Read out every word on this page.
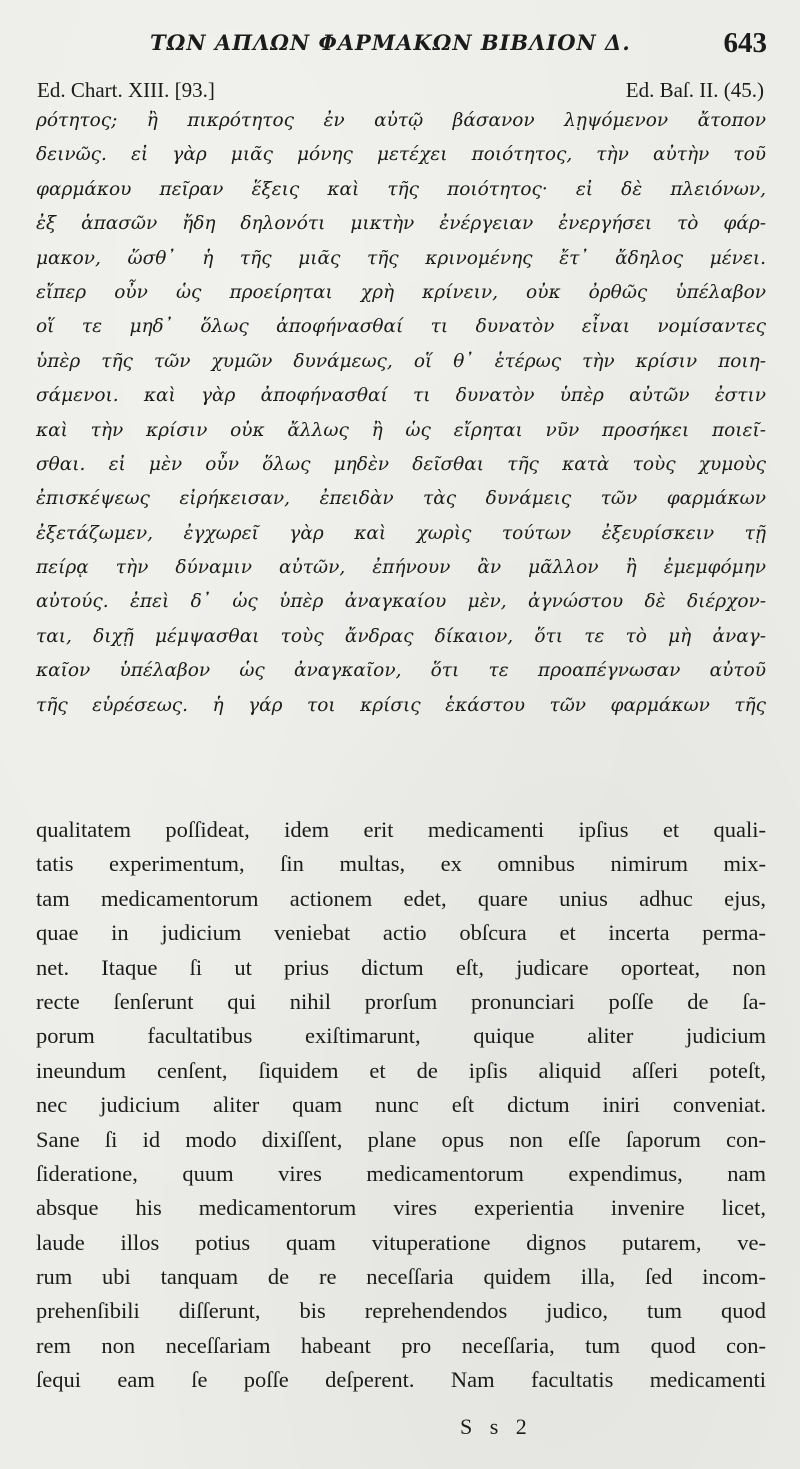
ΤΩΝ ΑΠΛΩΝ ΦΑΡΜΑΚΩΝ ΒΙΒΛΙΟΝ Δ.	643
Ed. Chart. XIII. [93.]	Ed. Baſ. II. (45.)
ρότητος; ἢ πικρότητος ἐν αὐτῷ βάσανον λῃψόμενον ἄτοπον
δεινῶς. εἰ γὰρ μιᾶς μόνης μετέχει ποιότητος, τὴν αὐτὴν τοῦ
φαρμάκου πεῖραν ἕξεις καὶ τῆς ποιότητος· εἰ δὲ πλειόνων,
ἐξ ἁπασῶν ἤδη δηλονότι μικτὴν ἐνέργειαν ἐνεργήσει τὸ φάρ-
μακον, ὥσθ᾽ ἡ τῆς μιᾶς τῆς κρινομένης ἔτ᾽ ἄδηλος μένει.
εἴπερ οὖν ὡς προείρηται χρὴ κρίνειν, οὐκ ὀρθῶς ὑπέλαβον
οἵ τε μηδ᾽ ὅλως ἀποφήνασθαί τι δυνατὸν εἶναι νομίσαντες
ὑπὲρ τῆς τῶν χυμῶν δυνάμεως, οἵ θ᾽ ἑτέρως τὴν κρίσιν ποιη-
σάμενοι. καὶ γὰρ ἀποφήνασθαί τι δυνατὸν ὑπὲρ αὐτῶν ἐστιν
καὶ τὴν κρίσιν οὐκ ἄλλως ἢ ὡς εἴρηται νῦν προσήκει ποιεῖ-
σθαι. εἰ μὲν οὖν ὅλως μηδὲν δεῖσθαι τῆς κατὰ τοὺς χυμοὺς
ἐπισκέψεως εἰρήκεισαν, ἐπειδὰν τὰς δυνάμεις τῶν φαρμάκων
ἐξετάζωμεν, ἐγχωρεῖ γὰρ καὶ χωρὶς τούτων ἐξευρίσκειν τῇ
πείρᾳ τὴν δύναμιν αὐτῶν, ἐπήνουν ἂν μᾶλλον ἢ ἐμεμφόμην
αὐτούς. ἐπεὶ δ᾽ ὡς ὑπὲρ ἀναγκαίου μὲν, ἀγνώστου δὲ διέρχον-
ται, διχῇ μέμψασθαι τοὺς ἄνδρας δίκαιον, ὅτι τε τὸ μὴ ἀναγ-
καῖον ὑπέλαβον ὡς ἀναγκαῖον, ὅτι τε προαπέγνωσαν αὐτοῦ
τῆς εὑρέσεως. ἡ γάρ τοι κρίσις ἑκάστου τῶν φαρμάκων τῆς
qualitatem poſſideat, idem erit medicamenti ipſius et quali-
tatis experimentum, ſin multas, ex omnibus nimirum mix-
tam medicamentorum actionem edet, quare unius adhuc ejus,
quae in judicium veniebat actio obſcura et incerta perma-
net. Itaque ſi ut prius dictum eſt, judicare oporteat, non
recte ſenſerunt qui nihil prorſum pronunciari poſſe de ſa-
porum facultatibus exiſtimarunt, quique aliter judicium
ineundum cenſent, ſiquidem et de ipſis aliquid aſſeri poteſt,
nec judicium aliter quam nunc eſt dictum iniri conveniat.
Sane ſi id modo dixiſſent, plane opus non eſſe ſaporum con-
ſideratione, quum vires medicamentorum expendimus, nam
absque his medicamentorum vires experientia invenire licet,
laude illos potius quam vituperatione dignos putarem, ve-
rum ubi tanquam de re neceſſaria quidem illa, ſed incom-
prehenſibili diſſerunt, bis reprehendendos judico, tum quod
rem non neceſſariam habeant pro neceſſaria, tum quod con-
ſequi eam ſe poſſe deſperent. Nam facultatis medicamenti
S s 2
